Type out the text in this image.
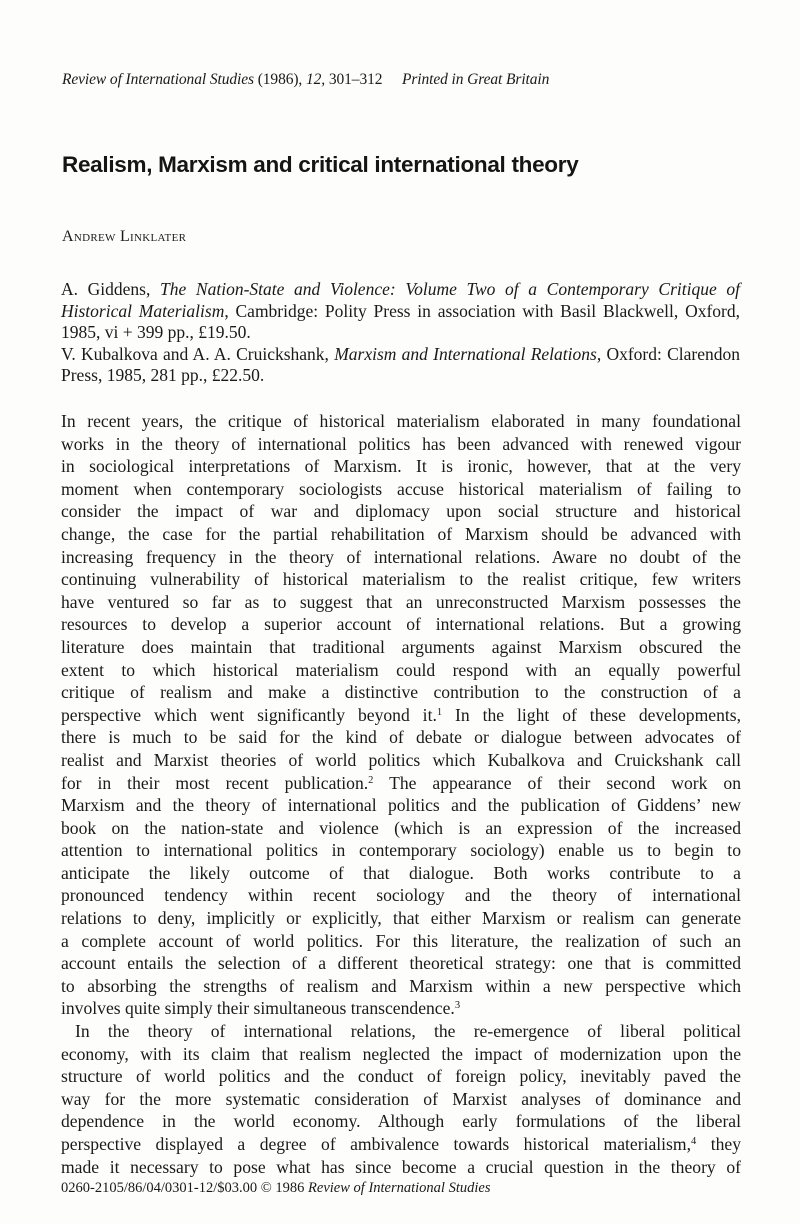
Review of International Studies (1986), 12, 301–312 Printed in Great Britain
Realism, Marxism and critical international theory
Andrew Linklater

A. Giddens, The Nation-State and Violence: Volume Two of a Contemporary Critique of Historical Materialism, Cambridge: Polity Press in association with Basil Blackwell, Oxford, 1985, vi + 399 pp., £19.50.

V. Kubalkova and A. A. Cruickshank, Marxism and International Relations, Oxford: Clarendon Press, 1985, 281 pp., £22.50.

In recent years, the critique of historical materialism elaborated in many foundational
works in the theory of international politics has been advanced with renewed vigour
in sociological interpretations of Marxism. It is ironic, however, that at the very
moment when contemporary sociologists accuse historical materialism of failing to
consider the impact of war and diplomacy upon social structure and historical
change, the case for the partial rehabilitation of Marxism should be advanced with
increasing frequency in the theory of international relations. Aware no doubt of the
continuing vulnerability of historical materialism to the realist critique, few writers
have ventured so far as to suggest that an unreconstructed Marxism possesses the
resources to develop a superior account of international relations. But a growing
literature does maintain that traditional arguments against Marxism obscured the
extent to which historical materialism could respond with an equally powerful
critique of realism and make a distinctive contribution to the construction of a
perspective which went significantly beyond it.$^1$ In the light of these developments,
there is much to be said for the kind of debate or dialogue between advocates of
realist and Marxist theories of world politics which Kubalkova and Cruickshank call
for in their most recent publication.$^2$ The appearance of their second work on
Marxism and the theory of international politics and the publication of Giddens’ new
book on the nation-state and violence (which is an expression of the increased
attention to international politics in contemporary sociology) enable us to begin to
anticipate the likely outcome of that dialogue. Both works contribute to a
pronounced tendency within recent sociology and the theory of international
relations to deny, implicitly or explicitly, that either Marxism or realism can generate
a complete account of world politics. For this literature, the realization of such an
account entails the selection of a different theoretical strategy: one that is committed
to absorbing the strengths of realism and Marxism within a new perspective which
involves quite simply their simultaneous transcendence.$^3$
In the theory of international relations, the re-emergence of liberal political
economy, with its claim that realism neglected the impact of modernization upon the
structure of world politics and the conduct of foreign policy, inevitably paved the
way for the more systematic consideration of Marxist analyses of dominance and
dependence in the world economy. Although early formulations of the liberal
perspective displayed a degree of ambivalence towards historical materialism,$^4$ they
made it necessary to pose what has since become a crucial question in the theory of
0260-2105/86/04/0301-12/$03.00 © 1986 Review of International Studies
